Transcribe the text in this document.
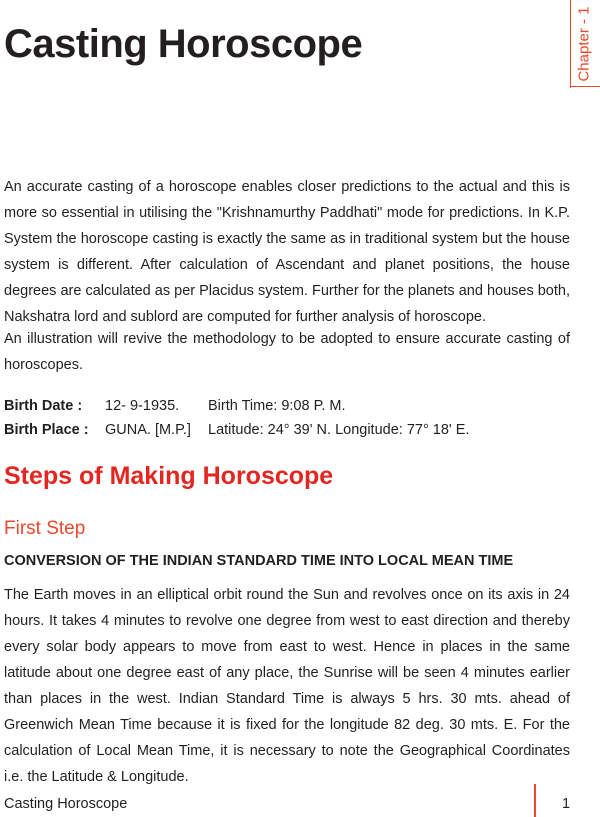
Chapter - 1
Casting Horoscope

An accurate casting of a horoscope enables closer predictions to the actual and this is more so essential in utilising the "Krishnamurthy Paddhati" mode for predictions. In K.P. System the horoscope casting is exactly the same as in traditional system but the house system is different. After calculation of Ascendant and planet positions, the house degrees are calculated as per Placidus system. Further for the planets and houses both, Nakshatra lord and sublord are computed for further analysis of horoscope.

An illustration will revive the methodology to be adopted to ensure accurate casting of horoscopes.

Birth Date :	12- 9-1935.	Birth Time: 9:08 P. M.
Birth Place :	GUNA. [M.P.]	Latitude: 24° 39' N. Longitude: 77° 18' E.
Steps of Making Horoscope
First Step
CONVERSION OF THE INDIAN STANDARD TIME INTO LOCAL MEAN TIME

The Earth moves in an elliptical orbit round the Sun and revolves once on its axis in 24 hours. It takes 4 minutes to revolve one degree from west to east direction and thereby every solar body appears to move from east to west. Hence in places in the same latitude about one degree east of any place, the Sunrise will be seen 4 minutes earlier than places in the west. Indian Standard Time is always 5 hrs. 30 mts. ahead of Greenwich Mean Time because it is fixed for the longitude 82 deg. 30 mts. E. For the calculation of Local Mean Time, it is necessary to note the Geographical Coordinates i.e. the Latitude & Longitude.

Casting Horoscope	1
